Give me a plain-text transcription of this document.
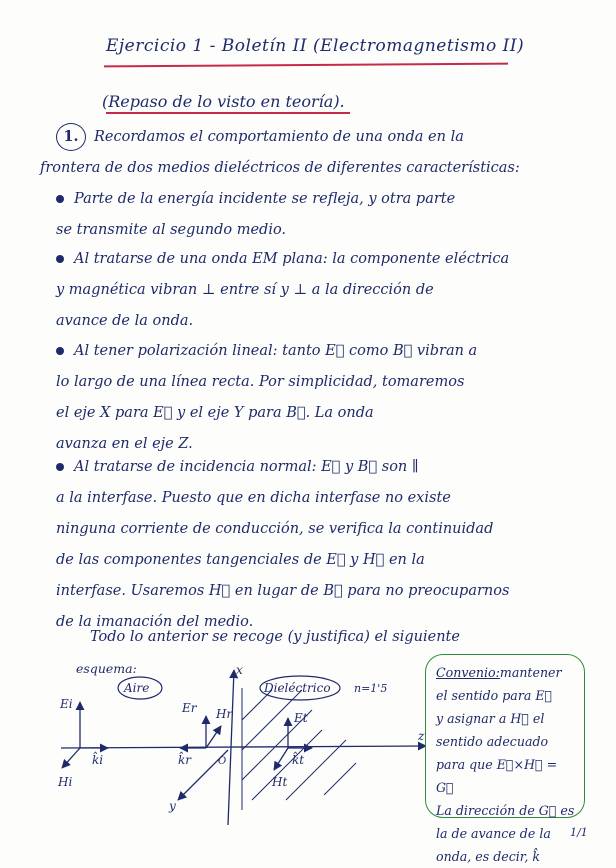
Ejercicio 1 - Boletín II (Electromagnetismo II)
(Repaso de lo visto en teoría).
1. Recordamos el comportamiento de una onda en la
frontera de dos medios dieléctricos de diferentes características:
Parte de la energía incidente se refleja, y otra parte
se transmite al segundo medio.
Al tratarse de una onda EM plana: la componente eléctrica
y magnética vibran ⊥ entre sí y ⊥ a la dirección de
avance de la onda.
Al tener polarización lineal: tanto E⃗ como B⃗ vibran a
lo largo de una línea recta. Por simplicidad, tomaremos
el eje X para E⃗ y el eje Y para B⃗. La onda
avanza en el eje Z.
Al tratarse de incidencia normal: E⃗ y B⃗ son ∥
a la interfase. Puesto que en dicha interfase no existe
ninguna corriente de conducción, se verifica la continuidad
de las componentes tangenciales de E⃗ y H⃗ en la
interfase. Usaremos H⃗ en lugar de B⃗ para no preocuparnos
de la imanación del medio.
Todo lo anterior se recoge (y justifica) el siguiente
esquema:
Aire	Dieléctrico n=1'5
x
y
z
O
Ei
Hi
k̂i
Er Hr
k̂r
Et
Ht
k̂t
Convenio:mantener
el sentido para E⃗
y asignar a H⃗ el
sentido adecuado
para que E⃗×H⃗ = G⃗
La dirección de G⃗ es
la de avance de la
onda, es decir, k̂
1/1
